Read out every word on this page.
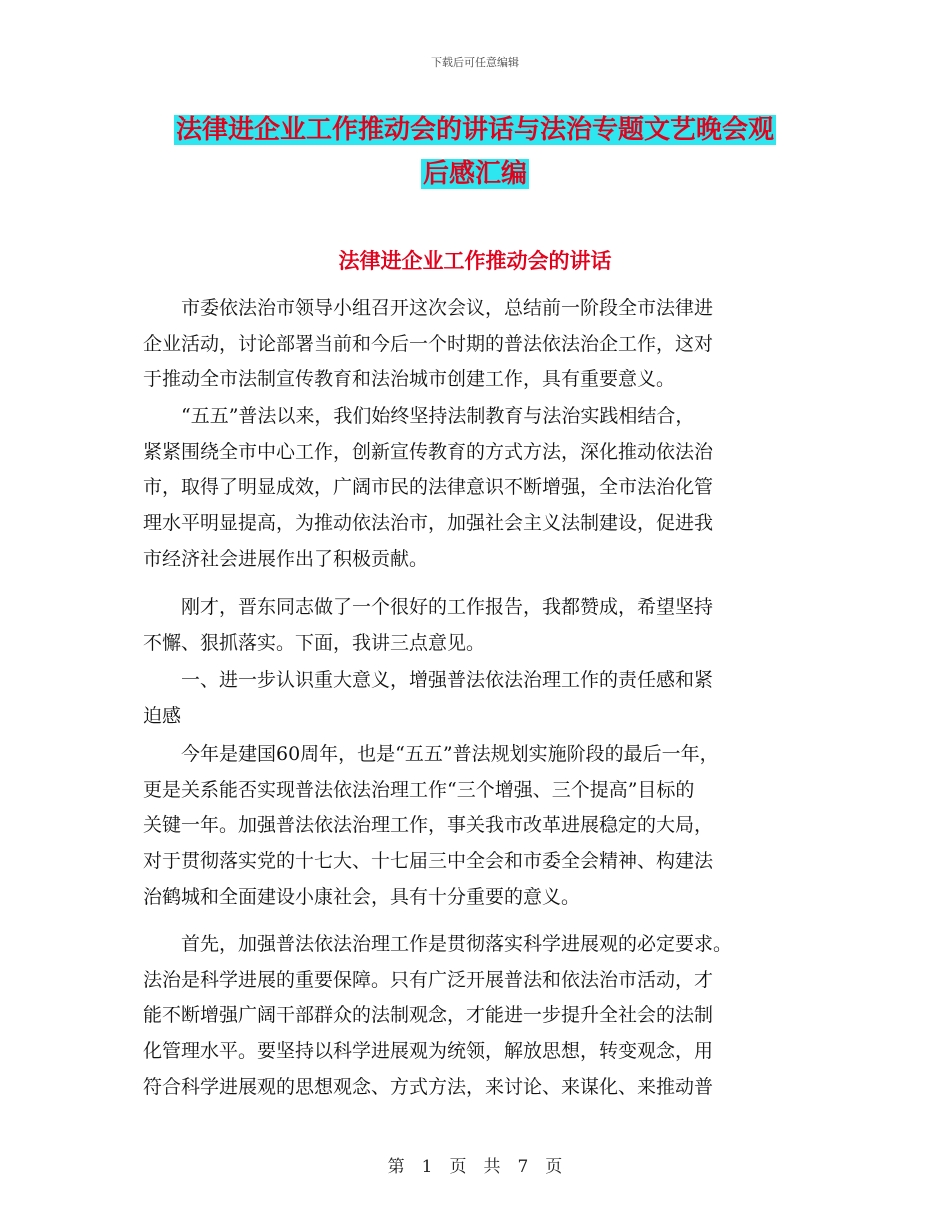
下载后可任意编辑
法律进企业工作推动会的讲话与法治专题文艺晚会观
后感汇编
法律进企业工作推动会的讲话
　　市委依法治市领导小组召开这次会议，总结前一阶段全市法律进
企业活动，讨论部署当前和今后一个时期的普法依法治企工作，这对
于推动全市法制宣传教育和法治城市创建工作，具有重要意义。
　　“五五”普法以来，我们始终坚持法制教育与法治实践相结合，
紧紧围绕全市中心工作，创新宣传教育的方式方法，深化推动依法治
市，取得了明显成效，广阔市民的法律意识不断增强，全市法治化管
理水平明显提高，为推动依法治市，加强社会主义法制建设，促进我
市经济社会进展作出了积极贡献。
　　刚才，晋东同志做了一个很好的工作报告，我都赞成，希望坚持
不懈、狠抓落实。下面，我讲三点意见。
　　一、进一步认识重大意义，增强普法依法治理工作的责任感和紧
迫感
　　今年是建国60周年，也是“五五”普法规划实施阶段的最后一年，
更是关系能否实现普法依法治理工作“三个增强、三个提高”目标的
关键一年。加强普法依法治理工作，事关我市改革进展稳定的大局，
对于贯彻落实党的十七大、十七届三中全会和市委全会精神、构建法
治鹤城和全面建设小康社会，具有十分重要的意义。
　　首先，加强普法依法治理工作是贯彻落实科学进展观的必定要求。
法治是科学进展的重要保障。只有广泛开展普法和依法治市活动，才
能不断增强广阔干部群众的法制观念，才能进一步提升全社会的法制
化管理水平。要坚持以科学进展观为统领，解放思想，转变观念，用
符合科学进展观的思想观念、方式方法，来讨论、来谋化、来推动普
第　1　页　共　7　页
